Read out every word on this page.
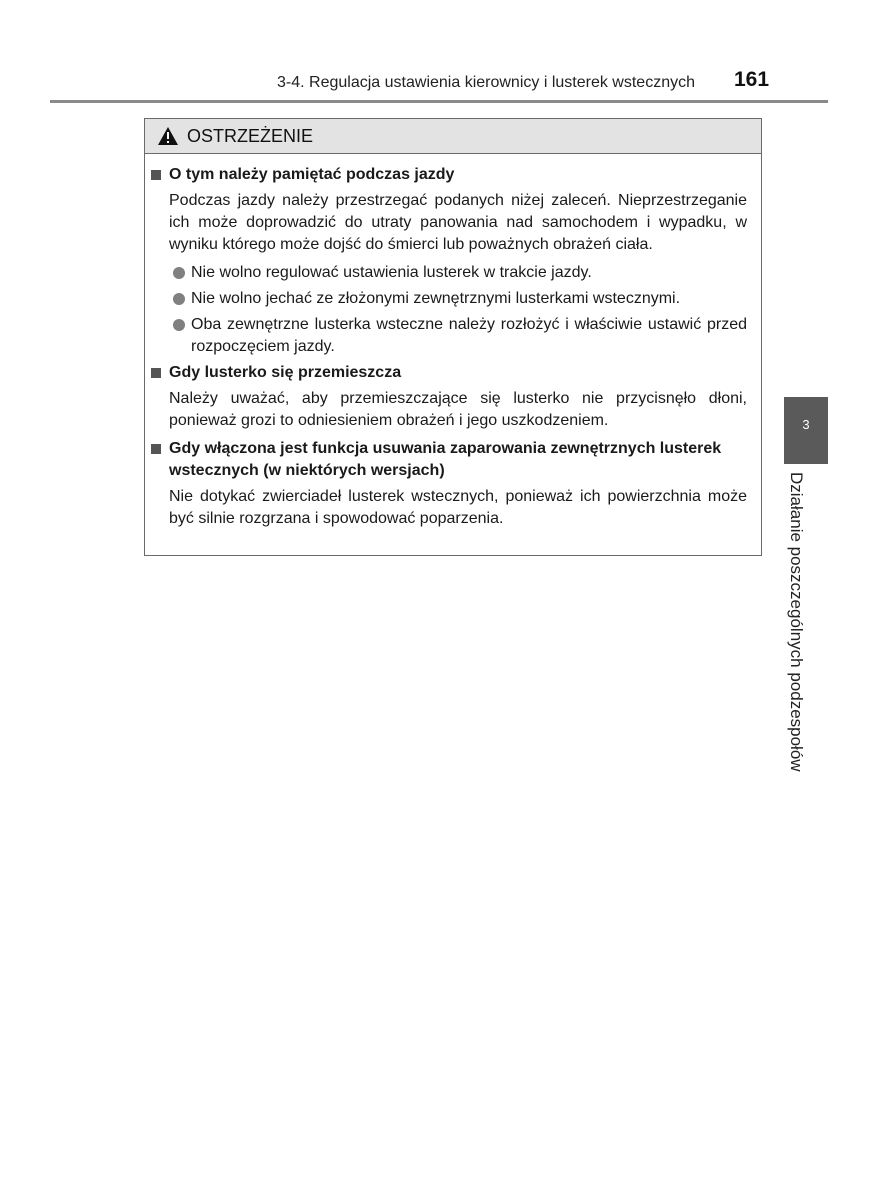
3-4. Regulacja ustawienia kierownicy i lusterek wstecznych 161
OSTRZEŻENIE
O tym należy pamiętać podczas jazdy
Podczas jazdy należy przestrzegać podanych niżej zaleceń. Nieprzestrzeganie ich może doprowadzić do utraty panowania nad samochodem i wypadku, w wyniku którego może dojść do śmierci lub poważnych obrażeń ciała.
Nie wolno regulować ustawienia lusterek w trakcie jazdy.
Nie wolno jechać ze złożonymi zewnętrznymi lusterkami wstecznymi.
Oba zewnętrzne lusterka wsteczne należy rozłożyć i właściwie ustawić przed rozpoczęciem jazdy.
Gdy lusterko się przemieszcza
Należy uważać, aby przemieszczające się lusterko nie przycisnęło dłoni, ponieważ grozi to odniesieniem obrażeń i jego uszkodzeniem.
Gdy włączona jest funkcja usuwania zaparowania zewnętrznych lusterek wstecznych (w niektórych wersjach)
Nie dotykać zwierciadeł lusterek wstecznych, ponieważ ich powierzchnia może być silnie rozgrzana i spowodować poparzenia.
3
Działanie poszczególnych podzespołów
